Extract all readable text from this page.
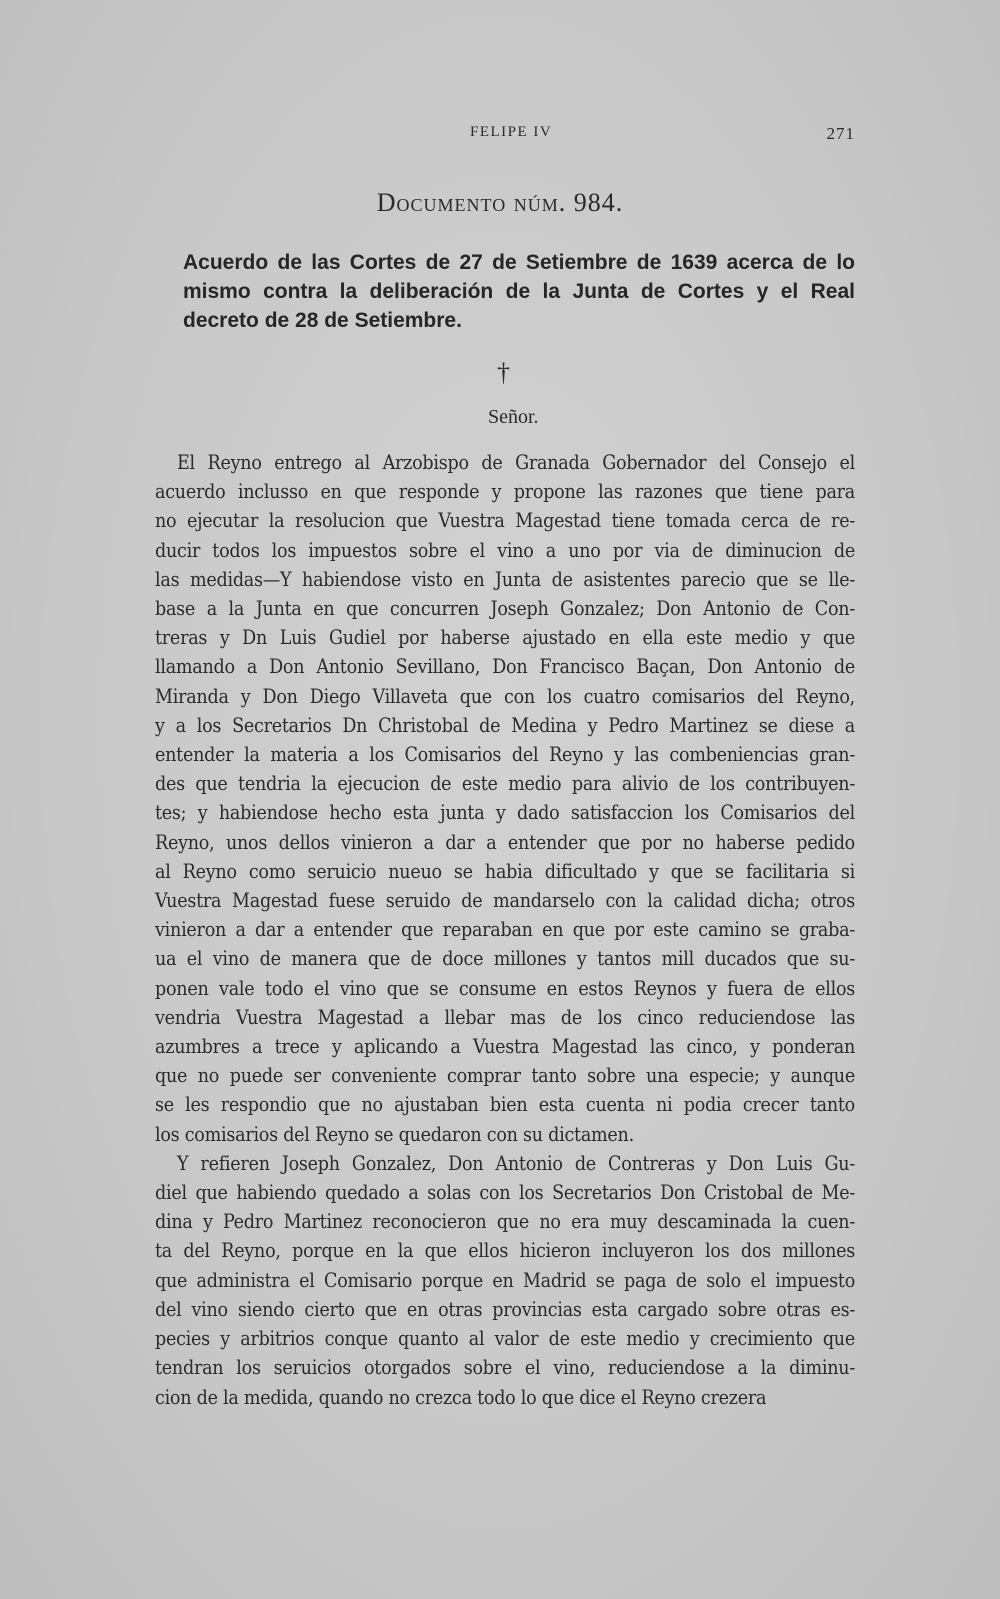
FELIPE IV	271
Documento núm. 984.
Acuerdo de las Cortes de 27 de Setiembre de 1639 acerca de lo mismo contra la deliberación de la Junta de Cortes y el Real decreto de 28 de Setiembre.
†
Señor.
El Reyno entrego al Arzobispo de Granada Gobernador del Consejo el
acuerdo inclusso en que responde y propone las razones que tiene para
no ejecutar la resolucion que Vuestra Magestad tiene tomada cerca de re-
ducir todos los impuestos sobre el vino a uno por via de diminucion de
las medidas—Y habiendose visto en Junta de asistentes parecio que se lle-
base a la Junta en que concurren Joseph Gonzalez; Don Antonio de Con-
treras y Dn Luis Gudiel por haberse ajustado en ella este medio y que
llamando a Don Antonio Sevillano, Don Francisco Baçan, Don Antonio de
Miranda y Don Diego Villaveta que con los cuatro comisarios del Reyno,
y a los Secretarios Dn Christobal de Medina y Pedro Martinez se diese a
entender la materia a los Comisarios del Reyno y las combeniencias gran-
des que tendria la ejecucion de este medio para alivio de los contribuyen-
tes; y habiendose hecho esta junta y dado satisfaccion los Comisarios del
Reyno, unos dellos vinieron a dar a entender que por no haberse pedido
al Reyno como seruicio nueuo se habia dificultado y que se facilitaria si
Vuestra Magestad fuese seruido de mandarselo con la calidad dicha; otros
vinieron a dar a entender que reparaban en que por este camino se graba-
ua el vino de manera que de doce millones y tantos mill ducados que su-
ponen vale todo el vino que se consume en estos Reynos y fuera de ellos
vendria Vuestra Magestad a llebar mas de los cinco reduciendose las
azumbres a trece y aplicando a Vuestra Magestad las cinco, y ponderan
que no puede ser conveniente comprar tanto sobre una especie; y aunque
se les respondio que no ajustaban bien esta cuenta ni podia crecer tanto
los comisarios del Reyno se quedaron con su dictamen.
Y refieren Joseph Gonzalez, Don Antonio de Contreras y Don Luis Gu-
diel que habiendo quedado a solas con los Secretarios Don Cristobal de Me-
dina y Pedro Martinez reconocieron que no era muy descaminada la cuen-
ta del Reyno, porque en la que ellos hicieron incluyeron los dos millones
que administra el Comisario porque en Madrid se paga de solo el impuesto
del vino siendo cierto que en otras provincias esta cargado sobre otras es-
pecies y arbitrios conque quanto al valor de este medio y crecimiento que
tendran los seruicios otorgados sobre el vino, reduciendose a la diminu-
cion de la medida, quando no crezca todo lo que dice el Reyno crezera
